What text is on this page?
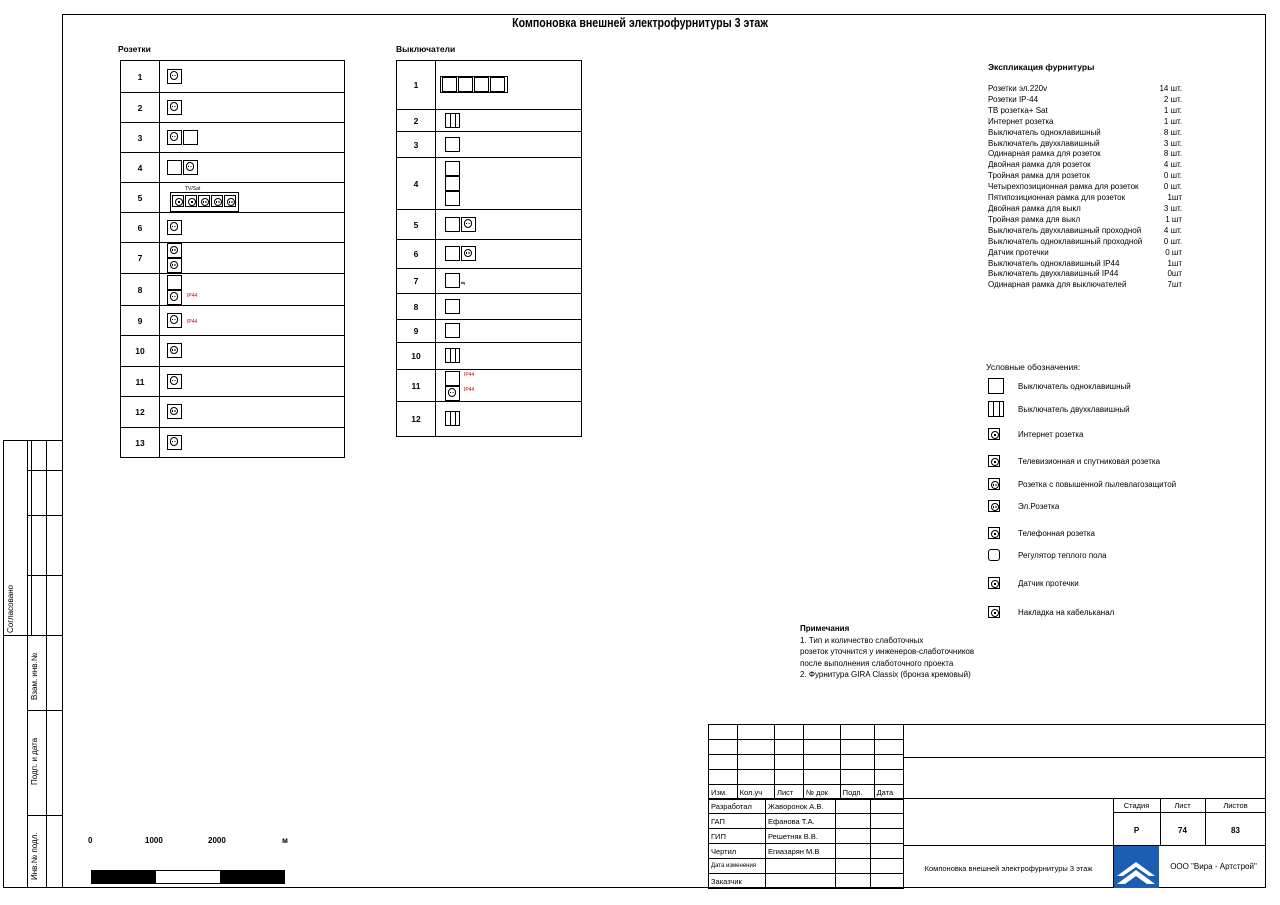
Компоновка внешней электрофурнитуры 3 этаж
Согласовано
Взам. инв.№
Подп. и дата
Инв.№ подл.
Розетки
1	
2	
3	
4	
5	TV/Sat

6	
7	

8	IP44

9	IP44

10	
11	
12	
13	
Выключатели
1	
2	
3	
4	

5	
6	
7	⇆
8	
9	
10	
11	IP44
IP44

12	
Экспликация фурнитуры
Розетки эл.220v	14 шт.
Розетки IP-44	2 шт.
ТВ розетка+ Sat	1 шт.
Интернет розетка	1 шт.
Выключатель одноклавишный	8 шт.
Выключатель двухклавишный	3 шт.
Одинарная рамка для розеток	8 шт.
Двойная рамка для розеток	4 шт.
Тройная рамка для розеток	0 шт.
Четырехпозиционная рамка для розеток	0 шт.
Пятипозиционная рамка для розеток	1шт
Двойная рамка для выкл	3 шт.
Тройная рамка для выкл	1 шт
Выключатель двухклавишный проходной	4 шт.
Выключатель одноклавишный проходной	0 шт.
Датчик протечки	0 шт
Выключатель одноклавишный IP44	1шт
Выключатель двухклавишный IP44	0шт
Одинарная рамка для выключателей	7шт
Условные обозначения:
Выключатель одноклавишный
Выключатель двухклавишный
Интернет розетка
Телевизионная и спутниковая розетка
Розетка с повышенной пылевлагозащитой
Эл.Розетка
Телефонная розетка
Регулятор теплого пола
Датчик протечки
Накладка на кабельканал
Примечания
1. Тип и количество слаботочных
розеток уточнится у инженеров-слаботочников
после выполнения слаботочного проекта
2. Фурнитура GIRA Classix (бронза кремовый)
0	1000	2000	м

Изм.	Кол.уч	Лист	№ док	Подп.	Дата
Разработал	Жаворонок А.В.		
ГАП	Ефанова Т.А.		
ГИП	Решетняк В.В.		
Чертил	Егиазарян М.В		
Дата изменения			
Заказчик			
Стадия	Лист	Листов
Р	74	83
Компоновка внешней электрофурнитуры 3 этаж	ООО "Вира - Артстрой"
